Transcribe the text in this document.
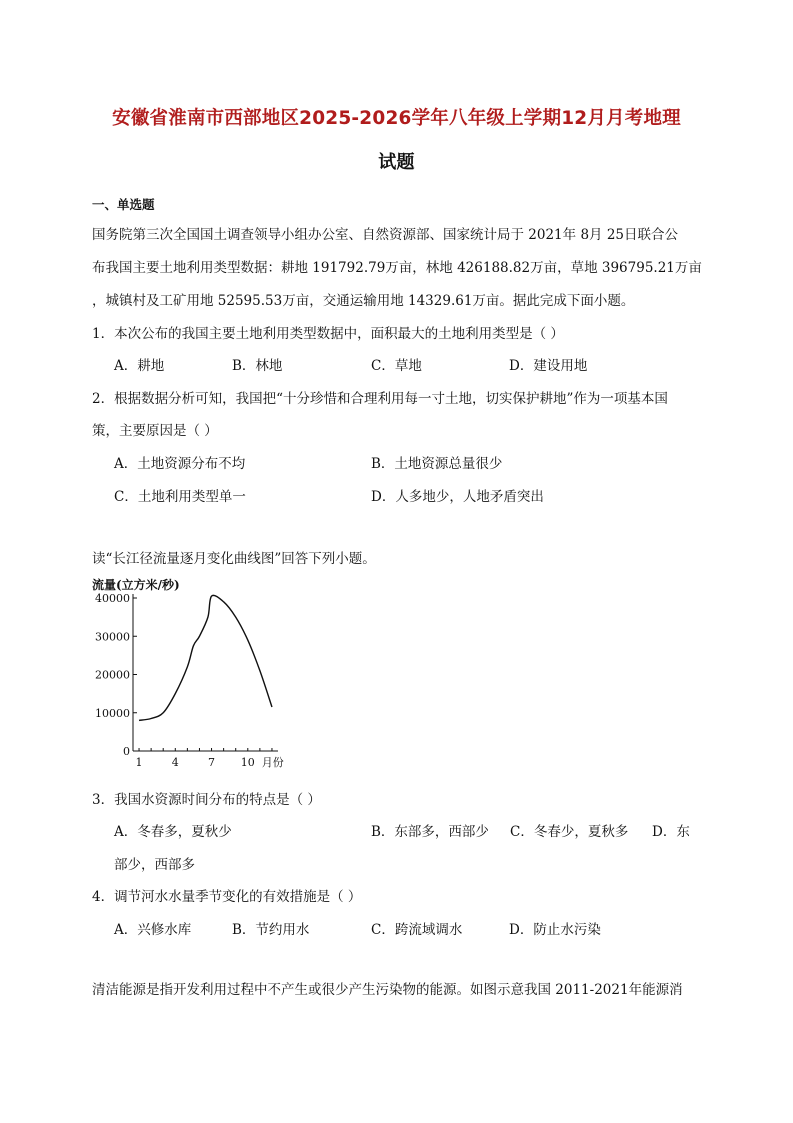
安徽省淮南市西部地区2025-2026学年八年级上学期12月月考地理
试题
一、单选题
国务院第三次全国国土调查领导小组办公室、自然资源部、国家统计局于 2021年 8月 25日联合公
布我国主要土地利用类型数据：耕地 191792.79万亩，林地 426188.82万亩，草地 396795.21万亩
，城镇村及工矿用地 52595.53万亩，交通运输用地 14329.61万亩。据此完成下面小题。
1．本次公布的我国主要土地利用类型数据中，面积最大的土地利用类型是（ ）
A．耕地	B．林地	C．草地	D．建设用地
2．根据数据分析可知，我国把“十分珍惜和合理利用每一寸土地，切实保护耕地”作为一项基本国
策，主要原因是（ ）
A．土地资源分布不均	B．土地资源总量很少
C．土地利用类型单一	D．人多地少，人地矛盾突出
读“长江径流量逐月变化曲线图”回答下列小题。
流量(立方米/秒)
0
10000
20000
30000
40000
1	4	7 10 月份
3．我国水资源时间分布的特点是（ ）
A．冬春多，夏秋少	B．东部多，西部少 C．冬春少，夏秋多 D．东
部少，西部多
4．调节河水水量季节变化的有效措施是（ ）
A．兴修水库	B．节约用水	C．跨流域调水	D．防止水污染
清洁能源是指开发利用过程中不产生或很少产生污染物的能源。如图示意我国 2011-2021年能源消
